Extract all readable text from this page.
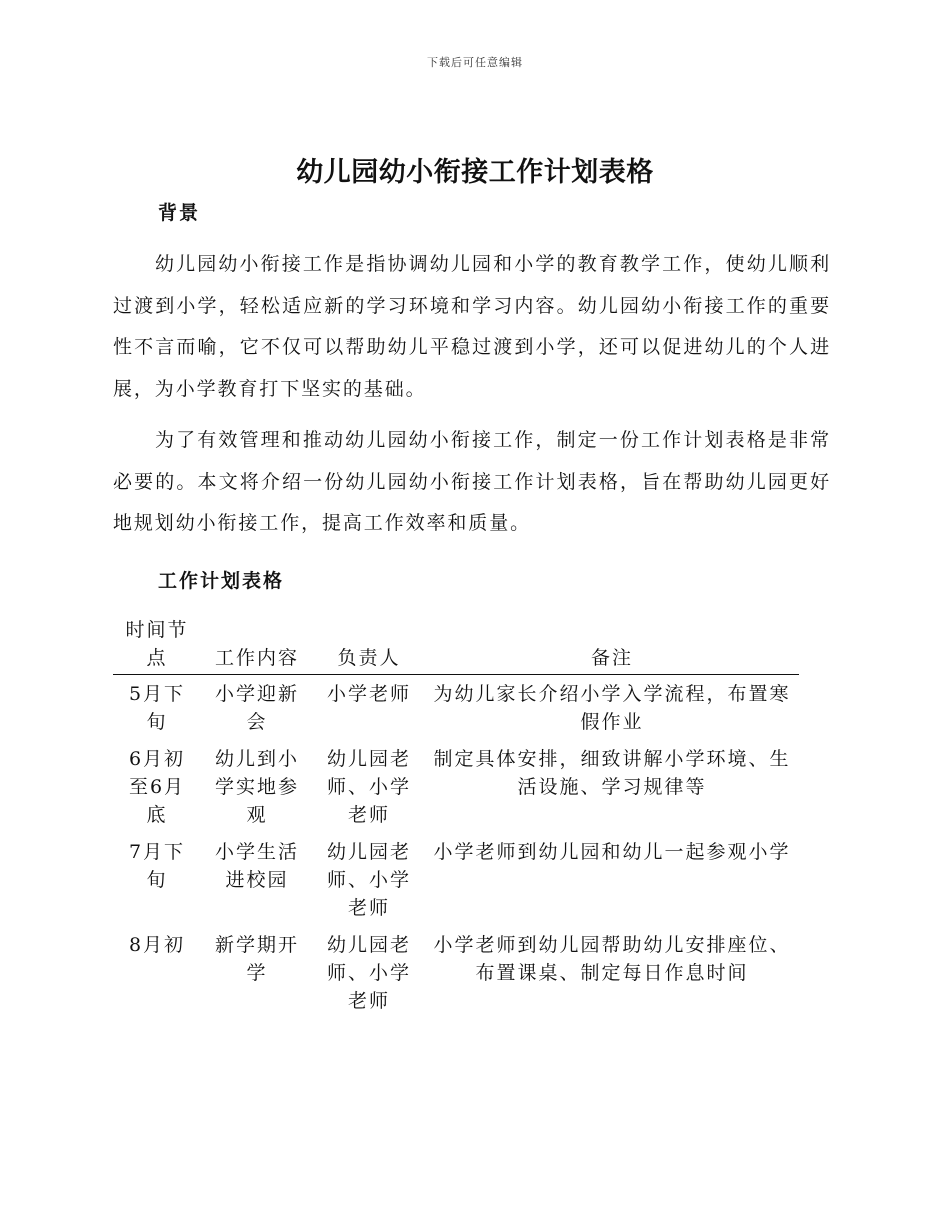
下载后可任意编辑
幼儿园幼小衔接工作计划表格
背景

幼儿园幼小衔接工作是指协调幼儿园和小学的教育教学工作，使幼儿顺利过渡到小学，轻松适应新的学习环境和学习内容。幼儿园幼小衔接工作的重要性不言而喻，它不仅可以帮助幼儿平稳过渡到小学，还可以促进幼儿的个人进展，为小学教育打下坚实的基础。

为了有效管理和推动幼儿园幼小衔接工作，制定一份工作计划表格是非常必要的。本文将介绍一份幼儿园幼小衔接工作计划表格，旨在帮助幼儿园更好地规划幼小衔接工作，提高工作效率和质量。

工作计划表格
时间节点	工作内容	负责人	备注
5月下旬	小学迎新会	小学老师	为幼儿家长介绍小学入学流程，布置寒假作业
6月初至6月底	幼儿到小学实地参观	幼儿园老师、小学老师	制定具体安排，细致讲解小学环境、生活设施、学习规律等
7月下旬	小学生活进校园	幼儿园老师、小学老师	小学老师到幼儿园和幼儿一起参观小学
8月初	新学期开学	幼儿园老师、小学老师	小学老师到幼儿园帮助幼儿安排座位、布置课桌、制定每日作息时间
